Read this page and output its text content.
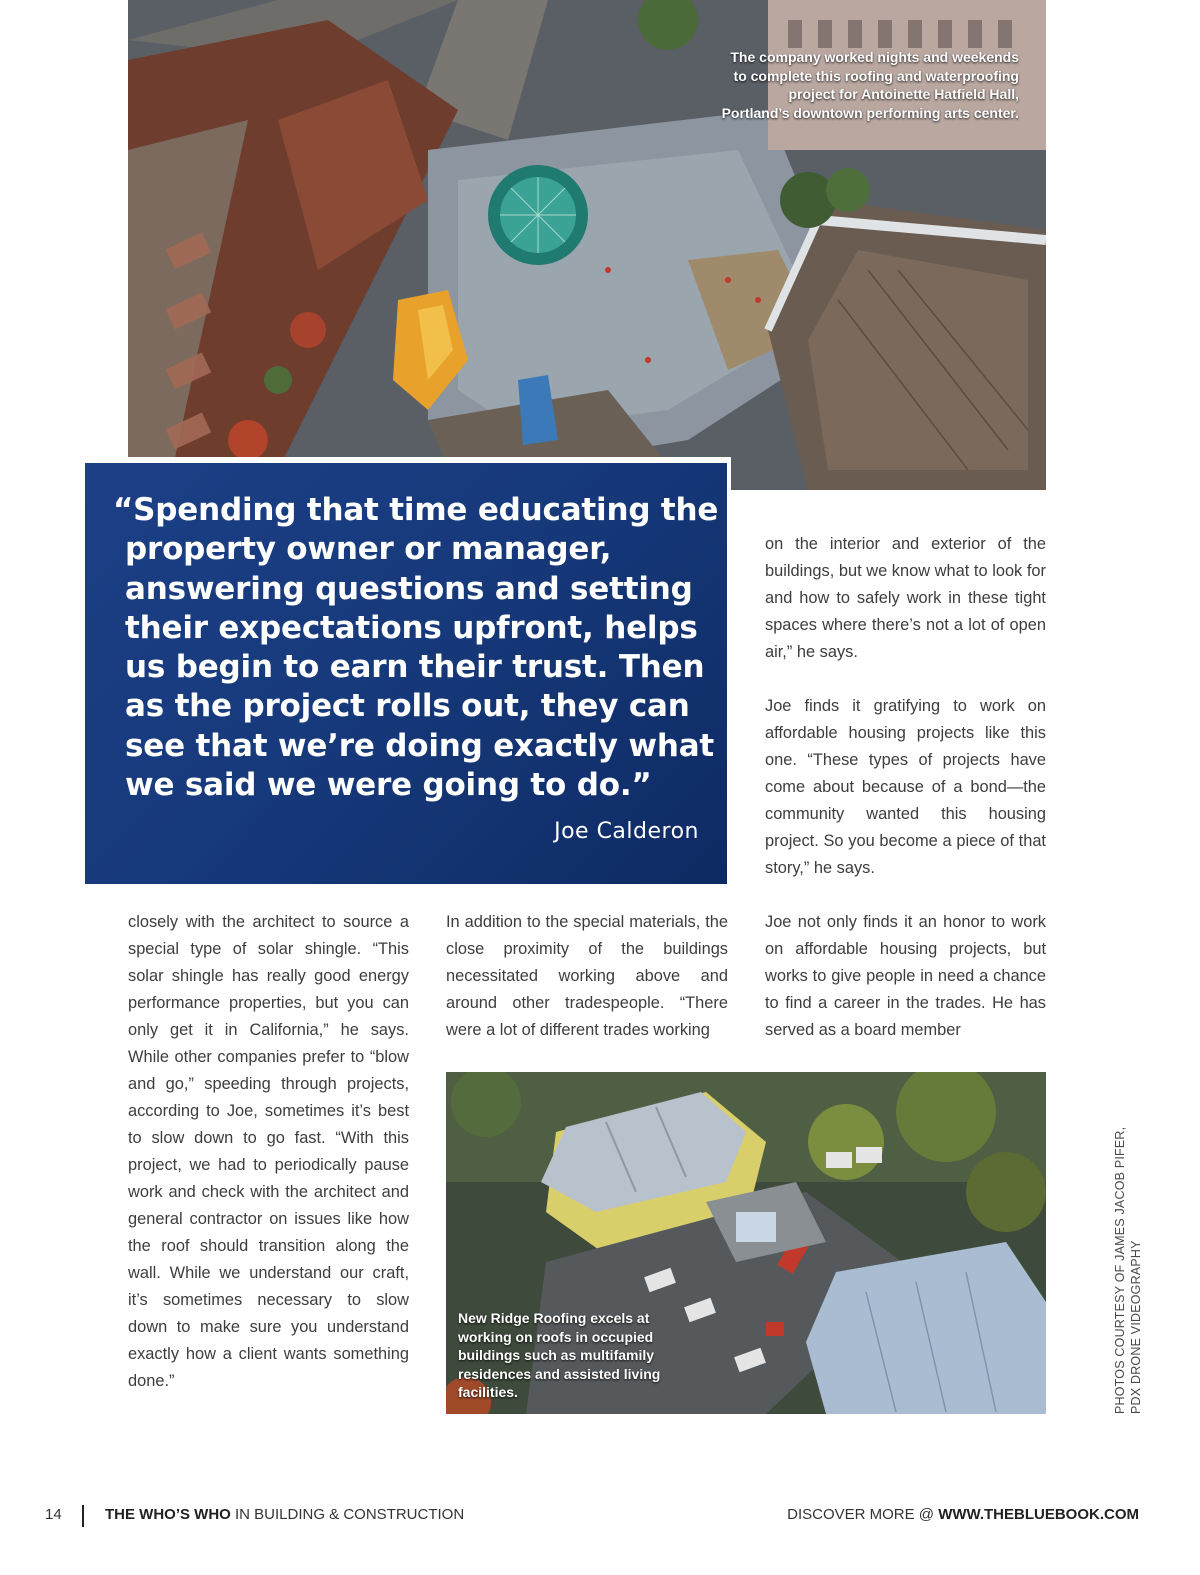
The company worked nights and weekends to complete this roofing and waterproofing project for Antoinette Hatfield Hall, Portland’s downtown performing arts center.

“Spending that time educating the property owner or manager, answering questions and setting their expectations upfront, helps us begin to earn their trust. Then as the project rolls out, they can see that we’re doing exactly what we said we were going to do.”

Joe Calderon

on the interior and exterior of the buildings, but we know what to look for and how to safely work in these tight spaces where there’s not a lot of open air,” he says.

Joe finds it gratifying to work on affordable housing projects like this one. “These types of projects have come about because of a bond—the community wanted this housing project. So you become a piece of that story,” he says.

closely with the architect to source a special type of solar shingle. “This solar shingle has really good energy performance properties, but you can only get it in California,” he says. While other companies prefer to “blow and go,” speeding through projects, according to Joe, sometimes it’s best to slow down to go fast. “With this project, we had to periodically pause work and check with the architect and general contractor on issues like how the roof should transition along the wall. While we understand our craft, it’s sometimes necessary to slow down to make sure you understand exactly how a client wants something done.”

In addition to the special materials, the close proximity of the buildings necessitated working above and around other tradespeople. “There were a lot of different trades working

Joe not only finds it an honor to work on affordable housing projects, but works to give people in need a chance to find a career in the trades. He has served as a board member

New Ridge Roofing excels at working on roofs in occupied buildings such as multifamily residences and assisted living facilities.	PHOTOS COURTESY OF JAMES JACOB PIFER, PDX DRONE VIDEOGRAPHY
14	THE WHO’S WHO IN BUILDING & CONSTRUCTION	DISCOVER MORE @ WWW.THEBLUEBOOK.COM
